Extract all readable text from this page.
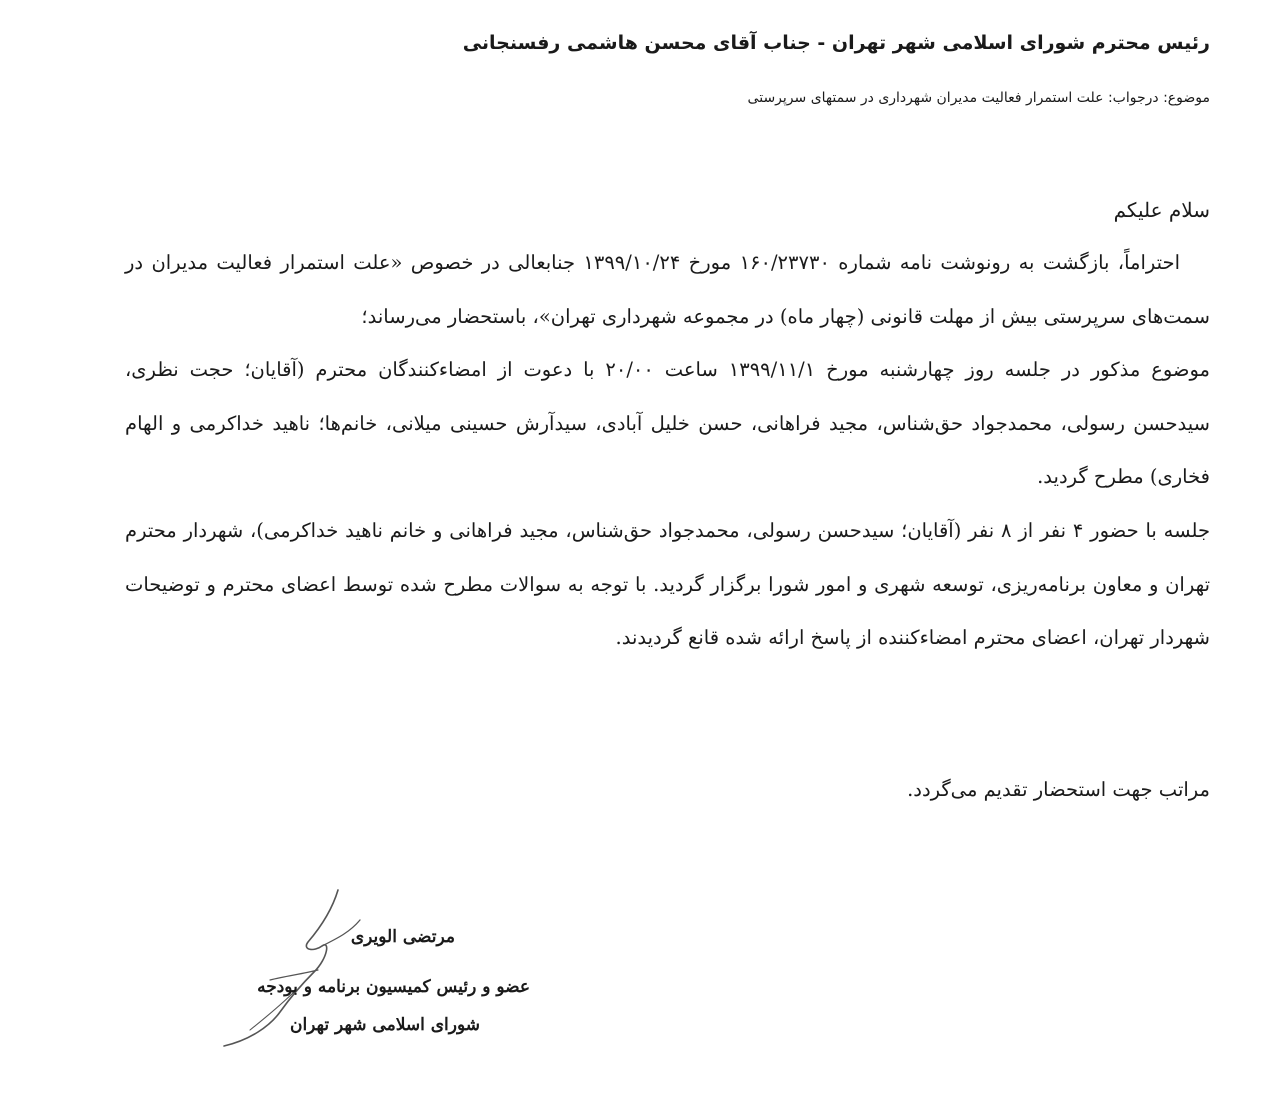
رئیس محترم شورای اسلامی شهر تهران - جناب آقای محسن هاشمی رفسنجانی
موضوع: درجواب: علت استمرار فعالیت مدیران شهرداری در سمتهای سرپرستی
سلام علیکم

احتراماً، بازگشت به رونوشت نامه شماره ۱۶۰/۲۳۷۳۰ مورخ ۱۳۹۹/۱۰/۲۴ جنابعالی در خصوص «علت استمرار فعالیت مدیران در سمت‌های سرپرستی بیش از مهلت قانونی (چهار ماه) در مجموعه شهرداری تهران»، باستحضار می‌رساند؛

موضوع مذکور در جلسه روز چهارشنبه مورخ ۱۳۹۹/۱۱/۱ ساعت ۲۰/۰۰ با دعوت از امضاءکنندگان محترم (آقایان؛ حجت نظری، سیدحسن رسولی، محمدجواد حق‌شناس، مجید فراهانی، حسن خلیل آبادی، سیدآرش حسینی میلانی، خانم‌ها؛ ناهید خداکرمی و الهام فخاری) مطرح گردید.

جلسه با حضور ۴ نفر از ۸ نفر (آقایان؛ سیدحسن رسولی، محمدجواد حق‌شناس، مجید فراهانی و خانم ناهید خداکرمی)، شهردار محترم تهران و معاون برنامه‌ریزی، توسعه شهری و امور شورا برگزار گردید. با توجه به سوالات مطرح شده توسط اعضای محترم و توضیحات شهردار تهران، اعضای محترم امضاءکننده از پاسخ ارائه شده قانع گردیدند.

مراتب جهت استحضار تقدیم می‌گردد.
مرتضی الویری
عضو و رئیس کمیسیون برنامه و بودجه
شورای اسلامی شهر تهران
